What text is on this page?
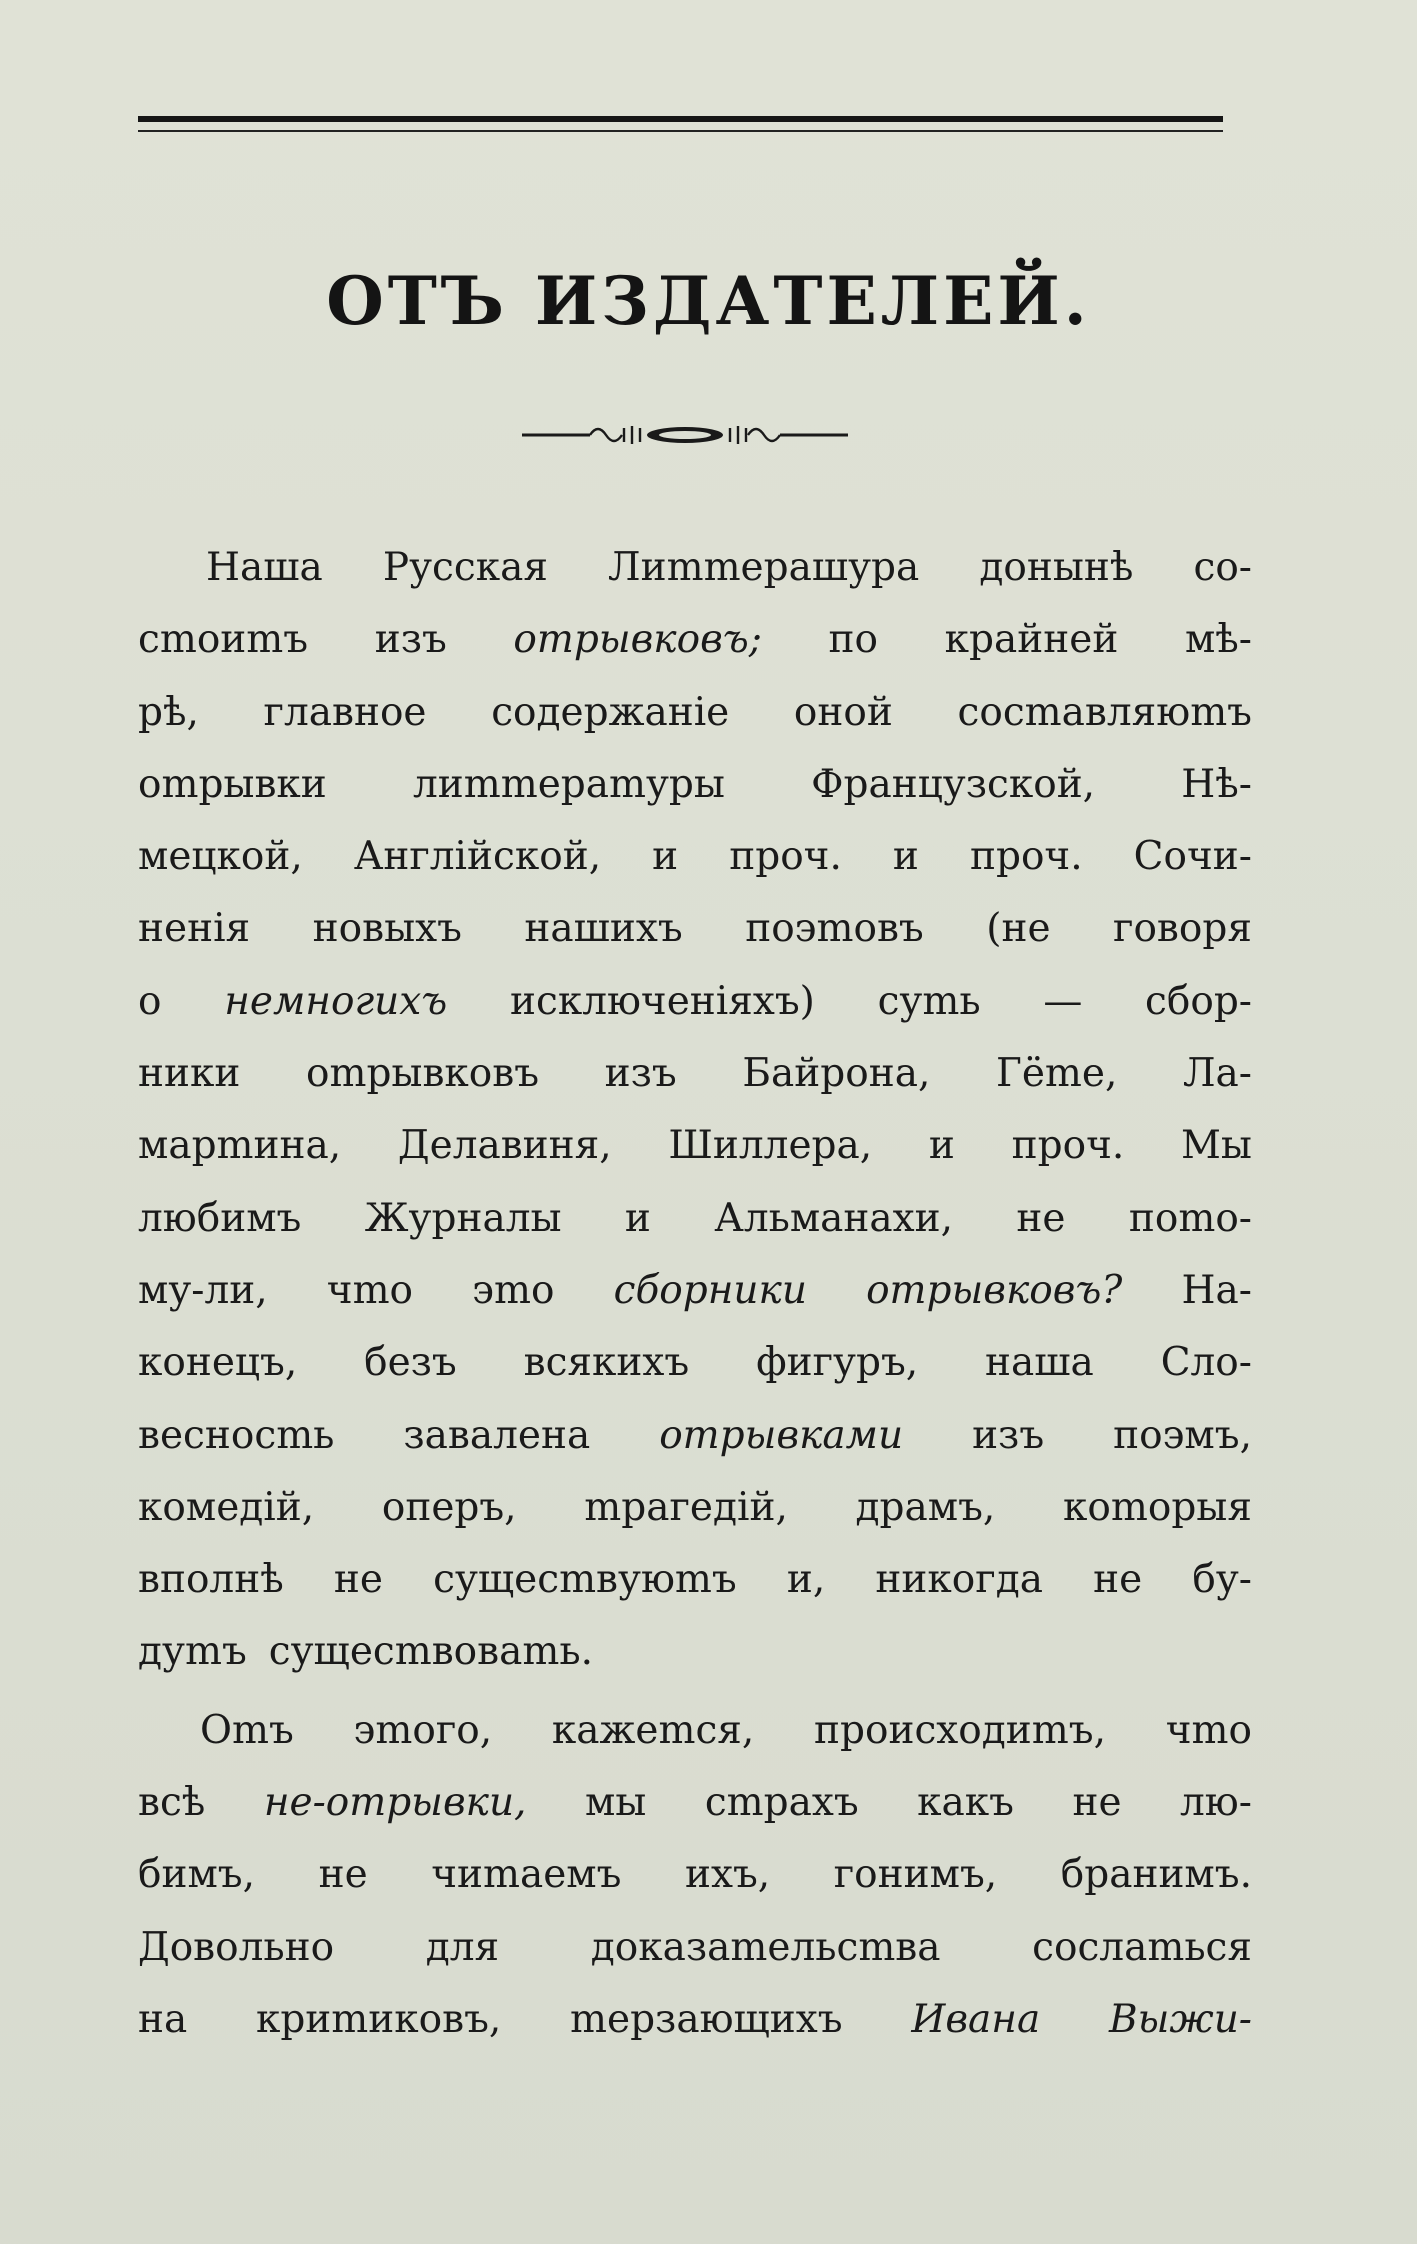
ОТЪ ИЗДАТЕЛЕЙ.
Наша Русская Лиmmерашура донынѣ со-
сmоиmъ изъ оmрывковъ; по крайней мѣ-
рѣ, главное содержаніе оной сосmавляюmъ
оmрывки лиmmераmуры Французской, Нѣ-
мецкой, Англійской, и проч. и проч. Сочи-
ненія новыхъ нашихъ поэmовъ (не говоря
о немногихъ исключеніяхъ) суmь — сбор-
ники оmрывковъ изъ Байрона, Гёmе, Ла-
марmина, Делавиня, Шиллера, и проч. Мы
любимъ Журналы и Альманахи, не поmо-
му-ли, чmо эmо сборники оmрывковъ? На-
конецъ, безъ всякихъ фигуръ, наша Сло-
весносmь завалена оmрывками изъ поэмъ,
комедій, оперъ, mрагедій, драмъ, коmорыя
вполнѣ не сущесmвуюmъ и, никогда не бу-
дуmъ сущесmвоваmь.
Оmъ эmого, кажеmся, происходиmъ, чmо
всѣ не-оmрывки, мы сmрахъ какъ не лю-
бимъ, не чиmаемъ ихъ, гонимъ, бранимъ.
Довольно для доказаmельсmва сослаmься
на криmиковъ, mерзающихъ Ивана Выжи-
